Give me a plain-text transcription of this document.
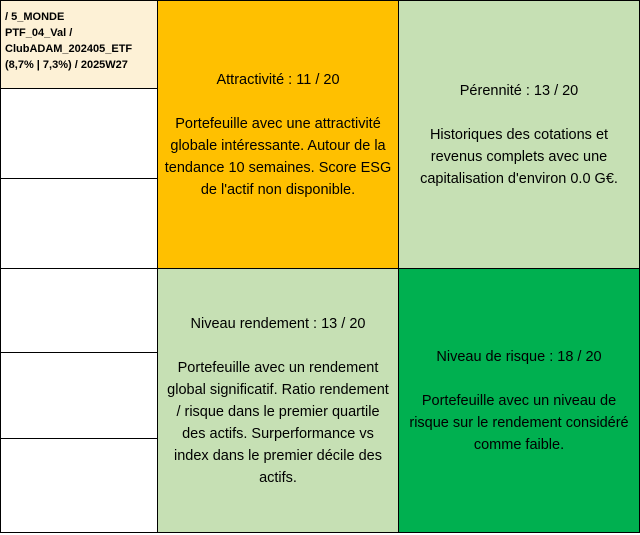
/ 5_MONDE
PTF_04_Val /
ClubADAM_202405_ETF
(8,7% | 7,3%) / 2025W27
Attractivité : 11 / 20
Portefeuille avec une attractivité globale intéressante. Autour de la tendance 10 semaines. Score ESG de l'actif non disponible.
Pérennité : 13 / 20
Historiques des cotations et revenus complets avec une capitalisation d'environ 0.0 G€.
Niveau rendement : 13 / 20
Portefeuille avec un rendement global significatif. Ratio rendement / risque dans le premier quartile des actifs. Surperformance vs index dans le premier décile des actifs.
Niveau de risque : 18 / 20
Portefeuille avec un niveau de risque sur le rendement considéré comme faible.
